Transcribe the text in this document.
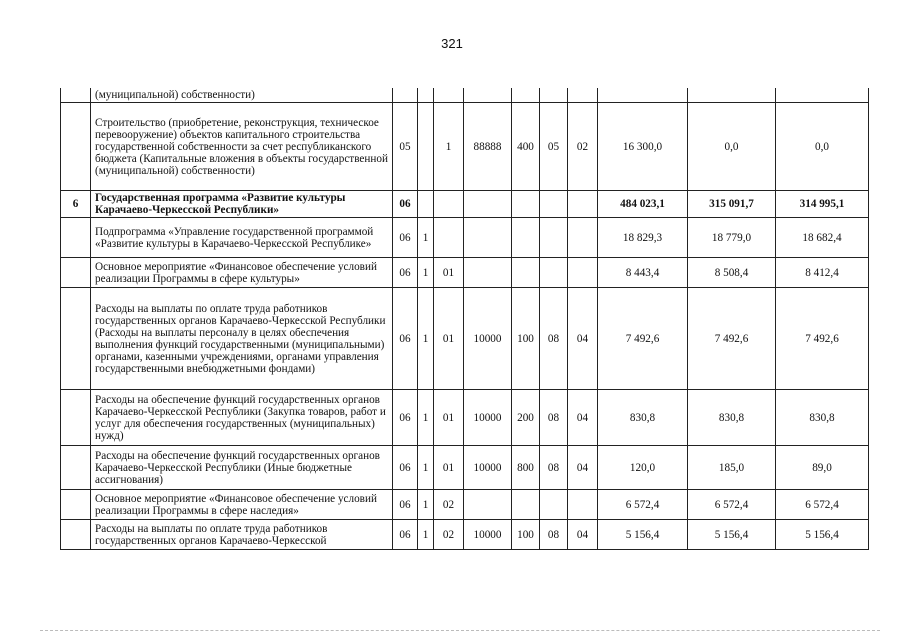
321
	(муниципальной) собственности)										
	Строительство (приобретение, реконструкция, техническое перевооружение) объектов капитального строительства государственной собственности за счет республиканского бюджета (Капитальные вложения в объекты государственной (муниципальной) собственности)	05		1	88888	400	05	02	16 300,0	0,0	0,0
6	Государственная программа «Развитие культуры Карачаево-Черкесской Республики»	06							484 023,1	315 091,7	314 995,1
	Подпрограмма «Управление государственной программой «Развитие культуры в Карачаево-Черкесской Республике»	06	1						18 829,3	18 779,0	18 682,4
	Основное мероприятие «Финансовое обеспечение условий реализации Программы в сфере культуры»	06	1	01					8 443,4	8 508,4	8 412,4
	Расходы на выплаты по оплате труда работников государственных органов Карачаево-Черкесской Республики (Расходы на выплаты персоналу в целях обеспечения выполнения функций государственными (муниципальными) органами, казенными учреждениями, органами управления государственными внебюджетными фондами)	06	1	01	10000	100	08	04	7 492,6	7 492,6	7 492,6
	Расходы на обеспечение функций государственных органов Карачаево-Черкесской Республики (Закупка товаров, работ и услуг для обеспечения государственных (муниципальных) нужд)	06	1	01	10000	200	08	04	830,8	830,8	830,8
	Расходы на обеспечение функций государственных органов Карачаево-Черкесской Республики (Иные бюджетные ассигнования)	06	1	01	10000	800	08	04	120,0	185,0	89,0
	Основное мероприятие «Финансовое обеспечение условий реализации Программы в сфере наследия»	06	1	02					6 572,4	6 572,4	6 572,4
	Расходы на выплаты по оплате труда работников государственных органов Карачаево-Черкесской	06	1	02	10000	100	08	04	5 156,4	5 156,4	5 156,4
